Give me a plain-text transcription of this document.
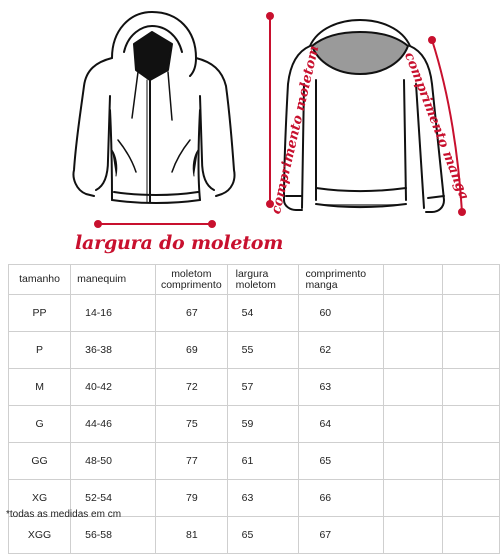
largura do moletom
comprimento moletom	comprimento manga
tamanho	manequim	moletom comprimento	largura moletom	comprimento manga		
PP	14-16	67	54	60		
P	36-38	69	55	62		
M	40-42	72	57	63		
G	44-46	75	59	64		
GG	48-50	77	61	65		
XG	52-54	79	63	66		
XGG	56-58	81	65	67		
*todas as medidas em cm
